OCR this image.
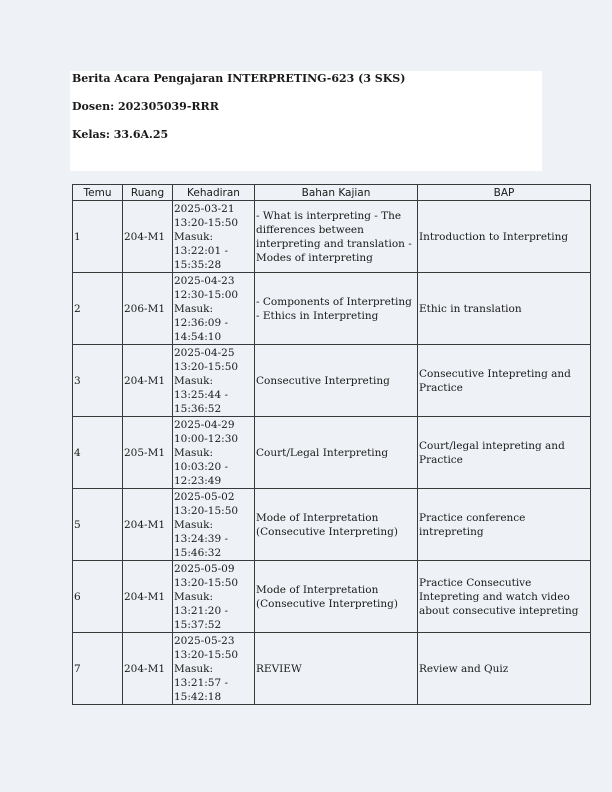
Berita Acara Pengajaran INTERPRETING-623 (3 SKS)
Dosen: 202305039-RRR
Kelas: 33.6A.25
Temu	Ruang	Kehadiran	Bahan Kajian	BAP
1	204-M1	2025-03-21
13:20-15:50
Masuk:
13:22:01 -
15:35:28	- What is interpreting - The differences between interpreting and translation - Modes of interpreting	Introduction to Interpreting
2	206-M1	2025-04-23
12:30-15:00
Masuk:
12:36:09 -
14:54:10	- Components of Interpreting - Ethics in Interpreting	Ethic in translation
3	204-M1	2025-04-25
13:20-15:50
Masuk:
13:25:44 -
15:36:52	Consecutive Interpreting	Consecutive Intepreting and Practice
4	205-M1	2025-04-29
10:00-12:30
Masuk:
10:03:20 -
12:23:49	Court/Legal Interpreting	Court/legal intepreting and Practice
5	204-M1	2025-05-02
13:20-15:50
Masuk:
13:24:39 -
15:46:32	Mode of Interpretation (Consecutive Interpreting)	Practice conference intrepreting
6	204-M1	2025-05-09
13:20-15:50
Masuk:
13:21:20 -
15:37:52	Mode of Interpretation (Consecutive Interpreting)	Practice Consecutive Intepreting and watch video about consecutive intepreting
7	204-M1	2025-05-23
13:20-15:50
Masuk:
13:21:57 -
15:42:18	REVIEW	Review and Quiz
